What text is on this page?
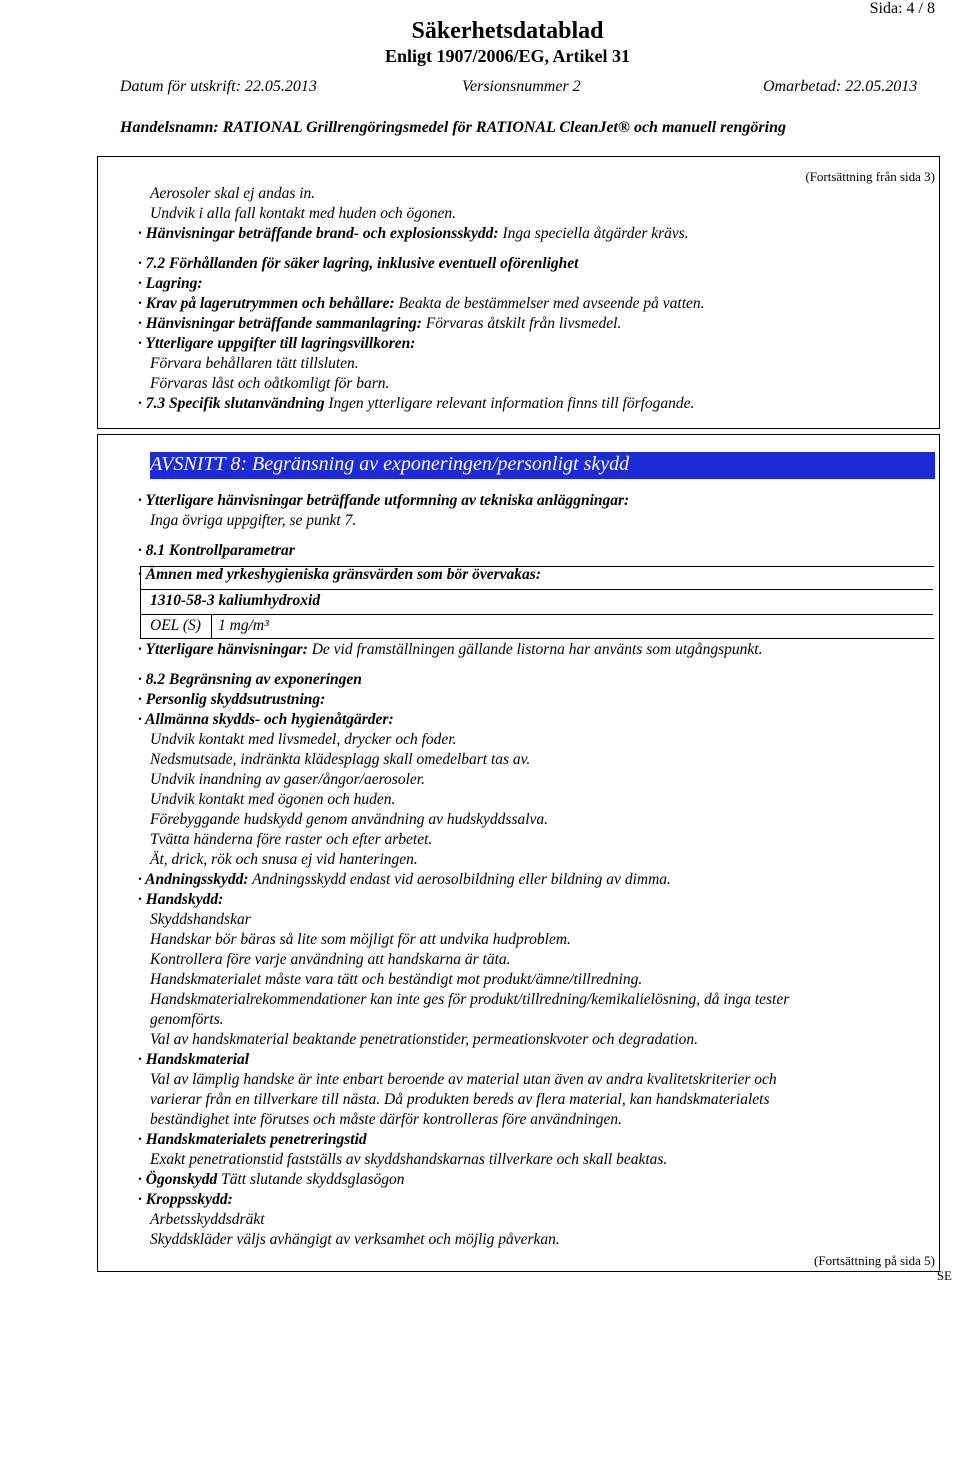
Sida: 4 / 8
Säkerhetsdatablad
Enligt 1907/2006/EG, Artikel 31
Datum för utskrift: 22.05.2013	Versionsnummer 2	Omarbetad: 22.05.2013
Handelsnamn: RATIONAL Grillrengöringsmedel för RATIONAL CleanJet® och manuell rengöring
(Fortsättning från sida 3)
Aerosoler skal ej andas in.
Undvik i alla fall kontakt med huden och ögonen.
· Hänvisningar beträffande brand- och explosionsskydd: Inga speciella åtgärder krävs.
· 7.2 Förhållanden för säker lagring, inklusive eventuell oförenlighet
· Lagring:
· Krav på lagerutrymmen och behållare: Beakta de bestämmelser med avseende på vatten.
· Hänvisningar beträffande sammanlagring: Förvaras åtskilt från livsmedel.
· Ytterligare uppgifter till lagringsvillkoren:
Förvara behållaren tätt tillsluten.
Förvaras låst och oåtkomligt för barn.
· 7.3 Specifik slutanvändning Ingen ytterligare relevant information finns till förfogande.
· Ytterligare hänvisningar beträffande utformning av tekniska anläggningar:
Inga övriga uppgifter, se punkt 7.
· 8.1 Kontrollparametrar
· Ämnen med yrkeshygieniska gränsvärden som bör övervakas:
1310-58-3 kaliumhydroxid
OEL (S) 1 mg/m³
· Ytterligare hänvisningar: De vid framställningen gällande listorna har använts som utgångspunkt.
· 8.2 Begränsning av exponeringen
· Personlig skyddsutrustning:
· Allmänna skydds- och hygienåtgärder:
Undvik kontakt med livsmedel, drycker och foder.
Nedsmutsade, indränkta klädesplagg skall omedelbart tas av.
Undvik inandning av gaser/ångor/aerosoler.
Undvik kontakt med ögonen och huden.
Förebyggande hudskydd genom användning av hudskyddssalva.
Tvätta händerna före raster och efter arbetet.
Ät, drick, rök och snusa ej vid hanteringen.
· Andningsskydd: Andningsskydd endast vid aerosolbildning eller bildning av dimma.
· Handskydd:
Skyddshandskar
Handskar bör bäras så lite som möjligt för att undvika hudproblem.
Kontrollera före varje användning att handskarna är täta.
Handskmaterialet måste vara tätt och beständigt mot produkt/ämne/tillredning.
Handskmaterialrekommendationer kan inte ges för produkt/tillredning/kemikalielösning, då inga tester
genomförts.
Val av handskmaterial beaktande penetrationstider, permeationskvoter och degradation.
· Handskmaterial
Val av lämplig handske är inte enbart beroende av material utan även av andra kvalitetskriterier och
varierar från en tillverkare till nästa. Då produkten bereds av flera material, kan handskmaterialets
beständighet inte förutses och måste därför kontrolleras före användningen.
· Handskmaterialets penetreringstid
Exakt penetrationstid fastställs av skyddshandskarnas tillverkare och skall beaktas.
· Ögonskydd Tätt slutande skyddsglasögon
· Kroppsskydd:
Arbetsskyddsdräkt
Skyddskläder väljs avhängigt av verksamhet och möjlig påverkan.
(Fortsättning på sida 5)
AVSNITT 8: Begränsning av exponeringen/personligt skydd
SE
